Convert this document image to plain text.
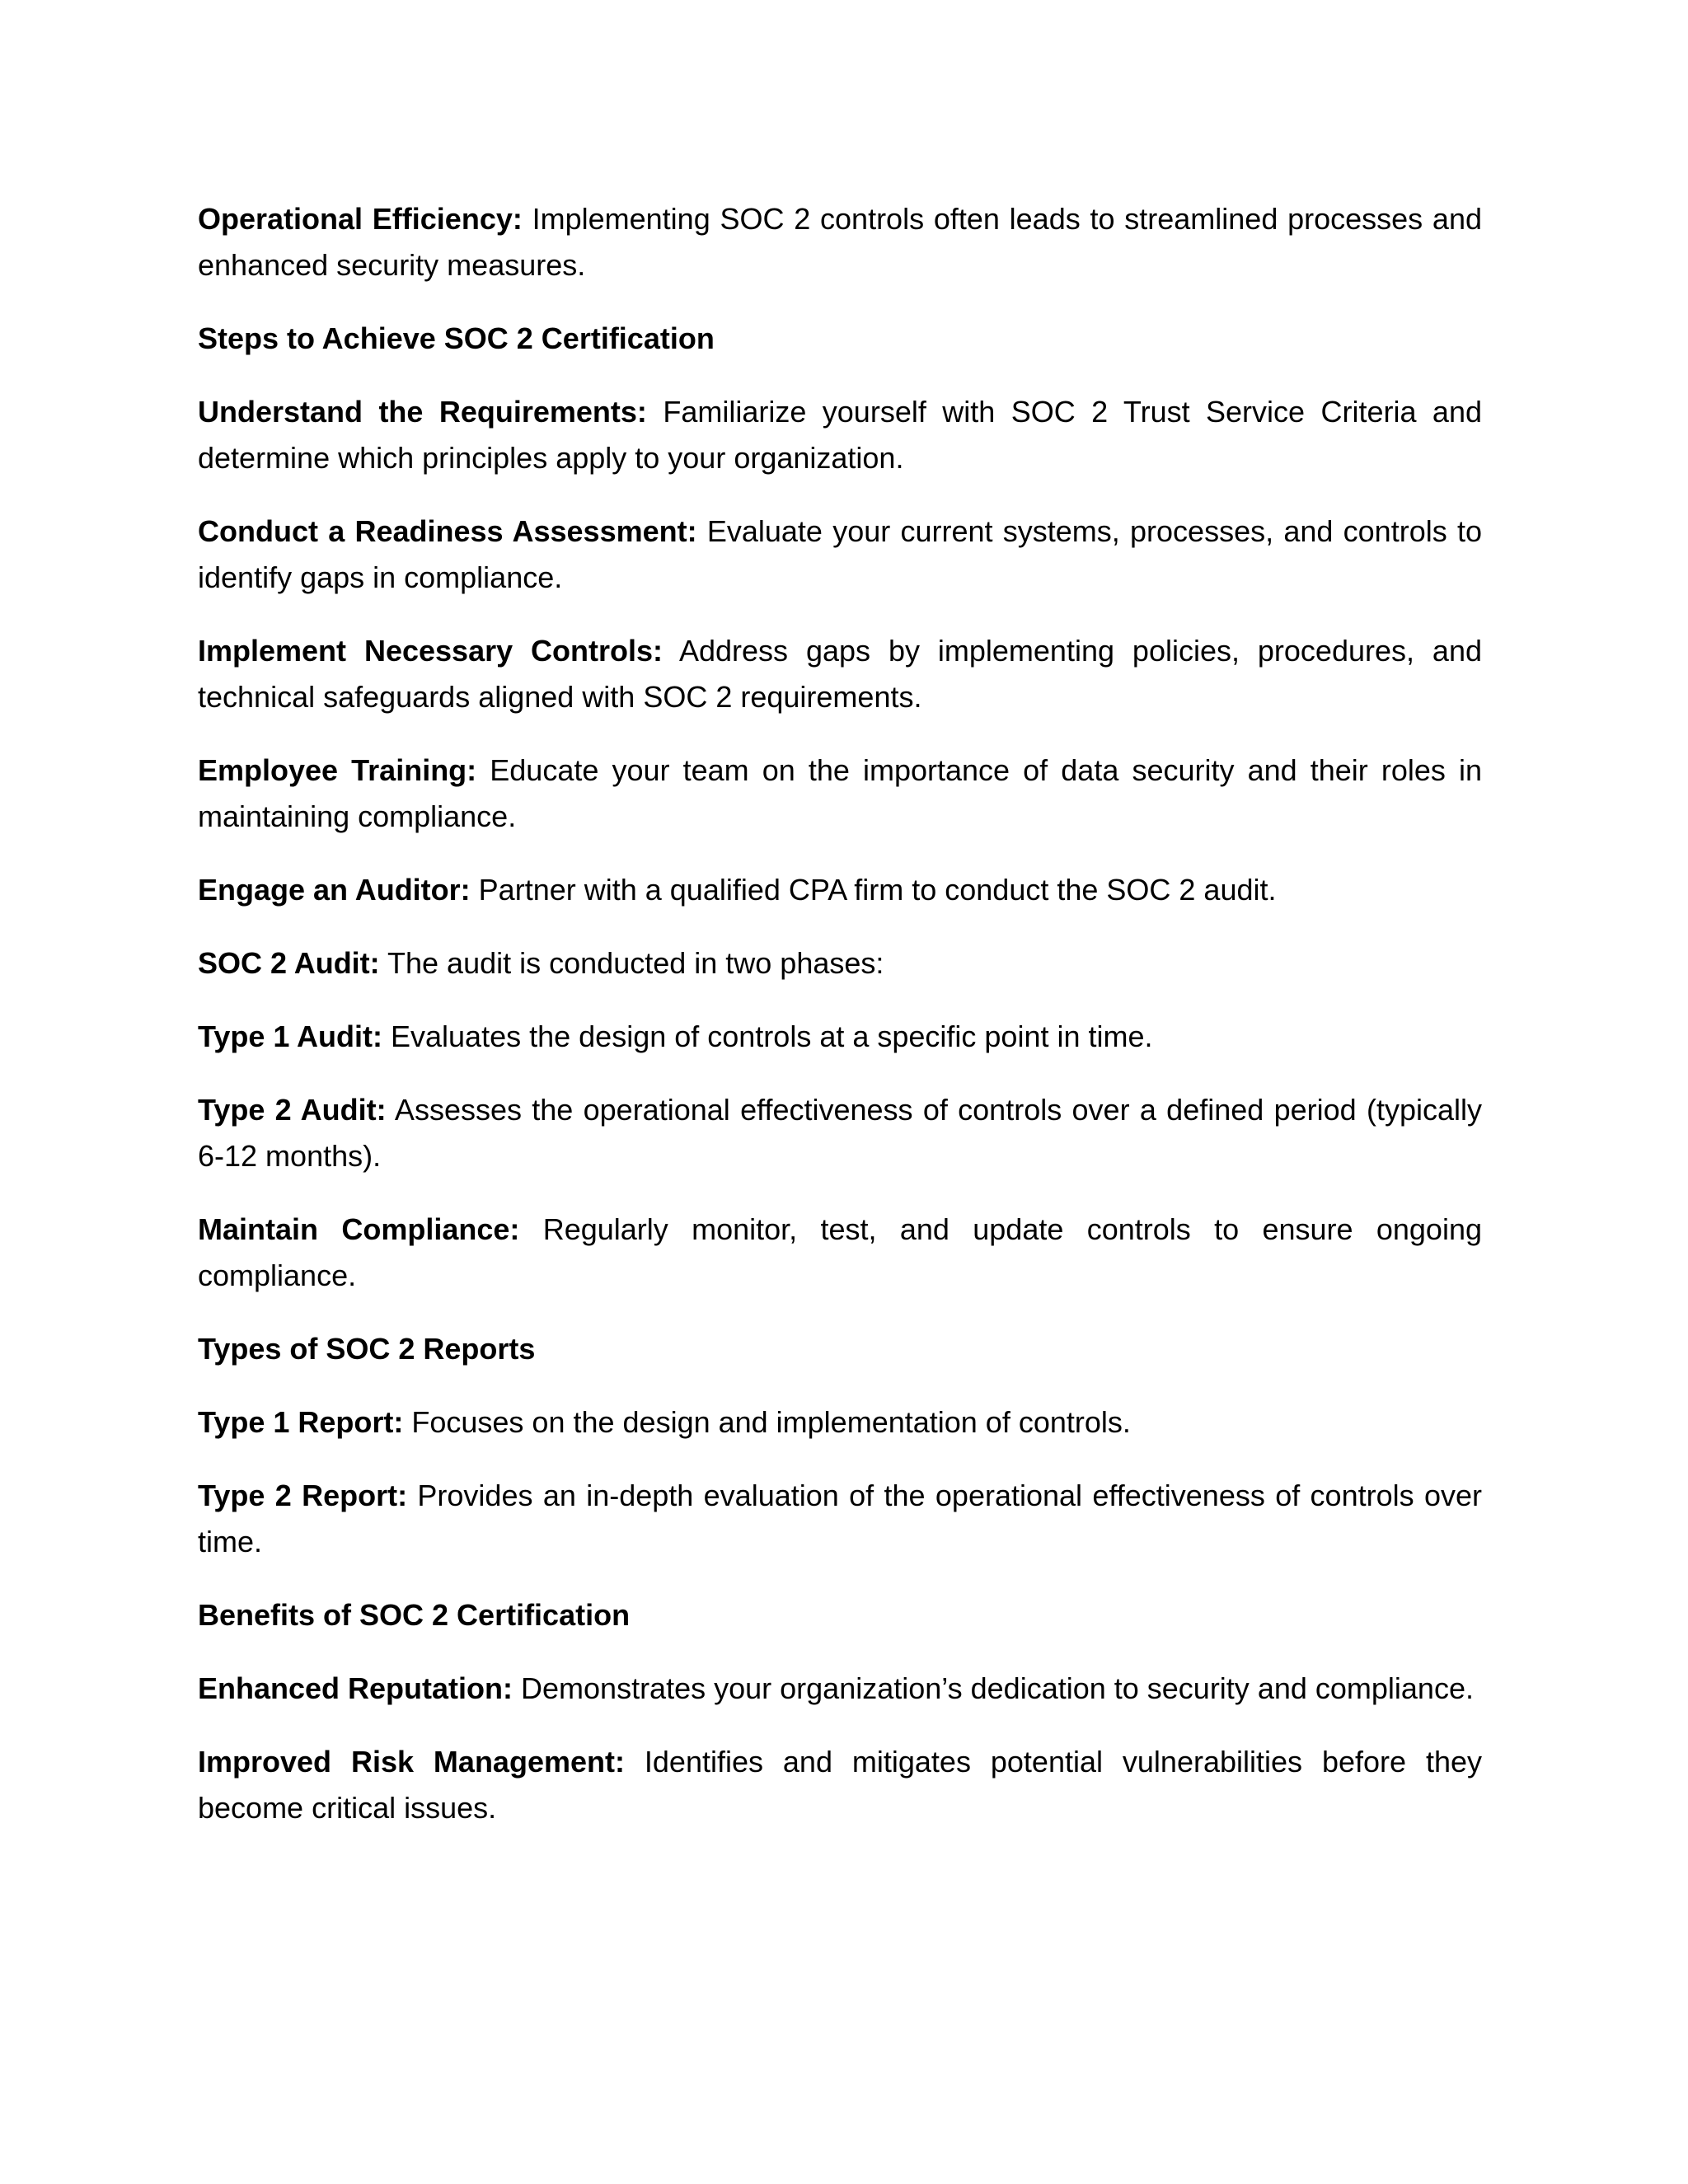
Operational Efficiency: Implementing SOC 2 controls often leads to streamlined processes and enhanced security measures.

Steps to Achieve SOC 2 Certification

Understand the Requirements: Familiarize yourself with SOC 2 Trust Service Criteria and determine which principles apply to your organization.

Conduct a Readiness Assessment: Evaluate your current systems, processes, and controls to identify gaps in compliance.

Implement Necessary Controls: Address gaps by implementing policies, procedures, and technical safeguards aligned with SOC 2 requirements.

Employee Training: Educate your team on the importance of data security and their roles in maintaining compliance.

Engage an Auditor: Partner with a qualified CPA firm to conduct the SOC 2 audit.

SOC 2 Audit: The audit is conducted in two phases:

Type 1 Audit: Evaluates the design of controls at a specific point in time.

Type 2 Audit: Assesses the operational effectiveness of controls over a defined period (typically 6-12 months).

Maintain Compliance: Regularly monitor, test, and update controls to ensure ongoing compliance.

Types of SOC 2 Reports

Type 1 Report: Focuses on the design and implementation of controls.

Type 2 Report: Provides an in-depth evaluation of the operational effectiveness of controls over time.

Benefits of SOC 2 Certification

Enhanced Reputation: Demonstrates your organization’s dedication to security and compliance.

Improved Risk Management: Identifies and mitigates potential vulnerabilities before they become critical issues.
